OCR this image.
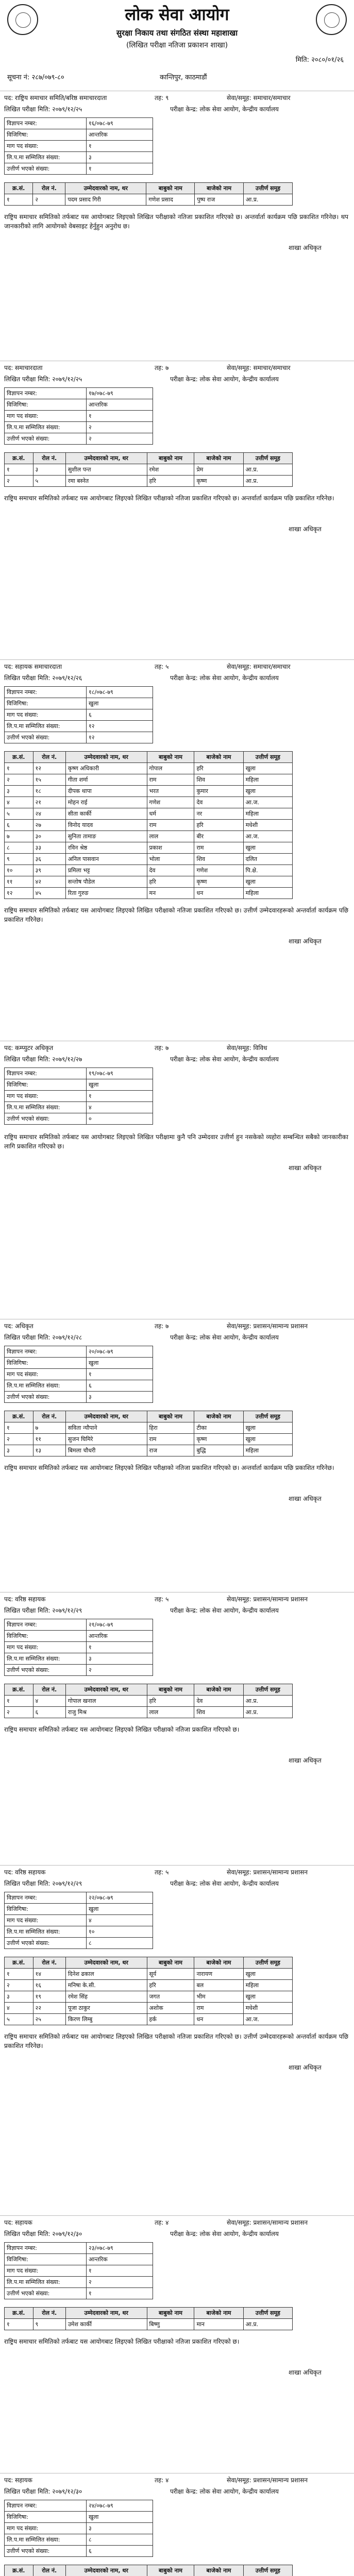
लोक सेवा आयोग
सुरक्षा निकाय तथा संगठित संस्था महाशाखा
(लिखित परीक्षा नतिजा प्रकाशन शाखा)
मिति: २०८०/०१/२६
सूचना नं: २८७/०७९-८०	कान्तिपुर, काठमाडौं
पद: राष्ट्रिय समाचार समिति/बरिष्ठ समाचारदाता	तह: ९	सेवा/समूह: समाचार/समाचार
लिखित परीक्षा मिति: २०७९/१२/२५	परीक्षा केन्द्र: लोक सेवा आयोग, केन्द्रीय कार्यालय
विज्ञापन नम्बर:	१६/०७८-७९
विजिगिषा:	आन्तरिक
माग पद संख्या:	१
लि.प.मा सम्मिलित संख्या:	३
उत्तीर्ण भएको संख्या:	१
क्र.सं.	रोल नं.	उम्मेदवारको नाम, थर	बाबुको नाम	बाजेको नाम	उत्तीर्ण समूह
१	२	पदम प्रसाद गिरी	गणेश प्रसाद	पुष्प राज	आ.प्र.
राष्ट्रिय समाचार समितिको तर्फबाट यस आयोगबाट लिइएको लिखित परीक्षाको नतिजा प्रकाशित गरिएको छ। अन्तर्वार्ता कार्यक्रम पछि प्रकाशित गरिनेछ। थप जानकारीको लागि आयोगको वेबसाइट हेर्नुहुन अनुरोध छ।
शाखा अधिकृत
पद: समाचारदाता	तह: ७	सेवा/समूह: समाचार/समाचार
लिखित परीक्षा मिति: २०७९/१२/२५	परीक्षा केन्द्र: लोक सेवा आयोग, केन्द्रीय कार्यालय
विज्ञापन नम्बर:	१७/०७८-७९
विजिगिषा:	आन्तरिक
माग पद संख्या:	१
लि.प.मा सम्मिलित संख्या:	२
उत्तीर्ण भएको संख्या:	२
क्र.सं.	रोल नं.	उम्मेदवारको नाम, थर	बाबुको नाम	बाजेको नाम	उत्तीर्ण समूह
१	३	सुशील पन्त	रमेश	प्रेम	आ.प्र.
२	५	रमा बस्नेत	हरि	कृष्ण	आ.प्र.
राष्ट्रिय समाचार समितिको तर्फबाट यस आयोगबाट लिइएको लिखित परीक्षाको नतिजा प्रकाशित गरिएको छ। अन्तर्वार्ता कार्यक्रम पछि प्रकाशित गरिनेछ।
शाखा अधिकृत
पद: सहायक समाचारदाता	तह: ५	सेवा/समूह: समाचार/समाचार
लिखित परीक्षा मिति: २०७९/१२/२६	परीक्षा केन्द्र: लोक सेवा आयोग, केन्द्रीय कार्यालय
विज्ञापन नम्बर:	१८/०७८-७९
विजिगिषा:	खुला
माग पद संख्या:	६
लि.प.मा सम्मिलित संख्या:	१२
उत्तीर्ण भएको संख्या:	१२
क्र.सं.	रोल नं.	उम्मेदवारको नाम, थर	बाबुको नाम	बाजेको नाम	उत्तीर्ण समूह
१	१२	कृष्ण अधिकारी	गोपाल	हरि	खुला
२	१५	गीता शर्मा	राम	शिव	महिला
३	१८	दीपक थापा	भरत	कुमार	खुला
४	२१	मोहन राई	गणेश	देव	आ.ज.
५	२४	सीता कार्की	धर्म	नर	महिला
६	२७	विनोद यादव	राम	हरि	मधेशी
७	३०	सुनिता तामाङ	लाल	बीर	आ.ज.
८	३३	रविन श्रेष्ठ	प्रकाश	राम	खुला
९	३६	अनिल पासवान	भोला	शिव	दलित
१०	३९	प्रमिला भट्ट	देव	गणेश	पि.क्षे.
११	४२	सन्तोष पौडेल	हरि	कृष्ण	खुला
१२	४५	रिता गुरुङ	मन	धन	महिला
राष्ट्रिय समाचार समितिको तर्फबाट यस आयोगबाट लिइएको लिखित परीक्षाको नतिजा प्रकाशित गरिएको छ। उत्तीर्ण उम्मेदवारहरूको अन्तर्वार्ता कार्यक्रम पछि प्रकाशित गरिनेछ।
शाखा अधिकृत
पद: कम्प्युटर अधिकृत	तह: ७	सेवा/समूह: विविध
लिखित परीक्षा मिति: २०७९/१२/२७	परीक्षा केन्द्र: लोक सेवा आयोग, केन्द्रीय कार्यालय
विज्ञापन नम्बर:	१९/०७८-७९
विजिगिषा:	खुला
माग पद संख्या:	१
लि.प.मा सम्मिलित संख्या:	४
उत्तीर्ण भएको संख्या:	०
राष्ट्रिय समाचार समितिको तर्फबाट यस आयोगबाट लिइएको लिखित परीक्षामा कुनै पनि उम्मेदवार उत्तीर्ण हुन नसकेको व्यहोरा सम्बन्धित सबैको जानकारीका लागि प्रकाशित गरिएको छ।
शाखा अधिकृत
पद: अधिकृत	तह: ७	सेवा/समूह: प्रशासन/सामान्य प्रशासन
लिखित परीक्षा मिति: २०७९/१२/२८	परीक्षा केन्द्र: लोक सेवा आयोग, केन्द्रीय कार्यालय
विज्ञापन नम्बर:	२०/०७८-७९
विजिगिषा:	खुला
माग पद संख्या:	१
लि.प.मा सम्मिलित संख्या:	६
उत्तीर्ण भएको संख्या:	३
क्र.सं.	रोल नं.	उम्मेदवारको नाम, थर	बाबुको नाम	बाजेको नाम	उत्तीर्ण समूह
१	७	सविता न्यौपाने	हिरा	टीका	खुला
२	११	सुजन घिमिरे	राम	कृष्ण	खुला
३	१३	बिमला चौधरी	राज	बुद्धि	महिला
राष्ट्रिय समाचार समितिको तर्फबाट यस आयोगबाट लिइएको लिखित परीक्षाको नतिजा प्रकाशित गरिएको छ। अन्तर्वार्ता कार्यक्रम पछि प्रकाशित गरिनेछ।
शाखा अधिकृत
पद: वरिष्ठ सहायक	तह: ५	सेवा/समूह: प्रशासन/सामान्य प्रशासन
लिखित परीक्षा मिति: २०७९/१२/२९	परीक्षा केन्द्र: लोक सेवा आयोग, केन्द्रीय कार्यालय
विज्ञापन नम्बर:	२१/०७८-७९
विजिगिषा:	आन्तरिक
माग पद संख्या:	१
लि.प.मा सम्मिलित संख्या:	३
उत्तीर्ण भएको संख्या:	२
क्र.सं.	रोल नं.	उम्मेदवारको नाम, थर	बाबुको नाम	बाजेको नाम	उत्तीर्ण समूह
१	४	गोपाल खनाल	हरि	देव	आ.प्र.
२	६	राजु मिश्र	लाल	शिव	आ.प्र.
राष्ट्रिय समाचार समितिको तर्फबाट यस आयोगबाट लिइएको लिखित परीक्षाको नतिजा प्रकाशित गरिएको छ।
शाखा अधिकृत
पद: वरिष्ठ सहायक	तह: ५	सेवा/समूह: प्रशासन/सामान्य प्रशासन
लिखित परीक्षा मिति: २०७९/१२/२९	परीक्षा केन्द्र: लोक सेवा आयोग, केन्द्रीय कार्यालय
विज्ञापन नम्बर:	२२/०७८-७९
विजिगिषा:	खुला
माग पद संख्या:	४
लि.प.मा सम्मिलित संख्या:	१०
उत्तीर्ण भएको संख्या:	८
क्र.सं.	रोल नं.	उम्मेदवारको नाम, थर	बाबुको नाम	बाजेको नाम	उत्तीर्ण समूह
१	१४	दिनेश ढकाल	सूर्य	नारायण	खुला
२	१६	मनिषा के.सी.	हरि	बल	महिला
३	१९	रमेश सिंह	जगत	भीम	खुला
४	२२	पूजा ठाकुर	अशोक	राम	मधेशी
५	२५	किरण लिम्बु	हर्क	धन	आ.ज.
राष्ट्रिय समाचार समितिको तर्फबाट यस आयोगबाट लिइएको लिखित परीक्षाको नतिजा प्रकाशित गरिएको छ। उत्तीर्ण उम्मेदवारहरूको अन्तर्वार्ता कार्यक्रम पछि प्रकाशित गरिनेछ।
शाखा अधिकृत
पद: सहायक	तह: ४	सेवा/समूह: प्रशासन/सामान्य प्रशासन
लिखित परीक्षा मिति: २०७९/१२/३०	परीक्षा केन्द्र: लोक सेवा आयोग, केन्द्रीय कार्यालय
विज्ञापन नम्बर:	२३/०७८-७९
विजिगिषा:	आन्तरिक
माग पद संख्या:	१
लि.प.मा सम्मिलित संख्या:	२
उत्तीर्ण भएको संख्या:	१
क्र.सं.	रोल नं.	उम्मेदवारको नाम, थर	बाबुको नाम	बाजेको नाम	उत्तीर्ण समूह
१	९	उमेश कार्की	बिष्णु	मान	आ.प्र.
राष्ट्रिय समाचार समितिको तर्फबाट यस आयोगबाट लिइएको लिखित परीक्षाको नतिजा प्रकाशित गरिएको छ।
शाखा अधिकृत
पद: सहायक	तह: ४	सेवा/समूह: प्रशासन/सामान्य प्रशासन
लिखित परीक्षा मिति: २०७९/१२/३०	परीक्षा केन्द्र: लोक सेवा आयोग, केन्द्रीय कार्यालय
विज्ञापन नम्बर:	२४/०७८-७९
विजिगिषा:	खुला
माग पद संख्या:	३
लि.प.मा सम्मिलित संख्या:	८
उत्तीर्ण भएको संख्या:	६
क्र.सं.	रोल नं.	उम्मेदवारको नाम, थर	बाबुको नाम	बाजेको नाम	उत्तीर्ण समूह
